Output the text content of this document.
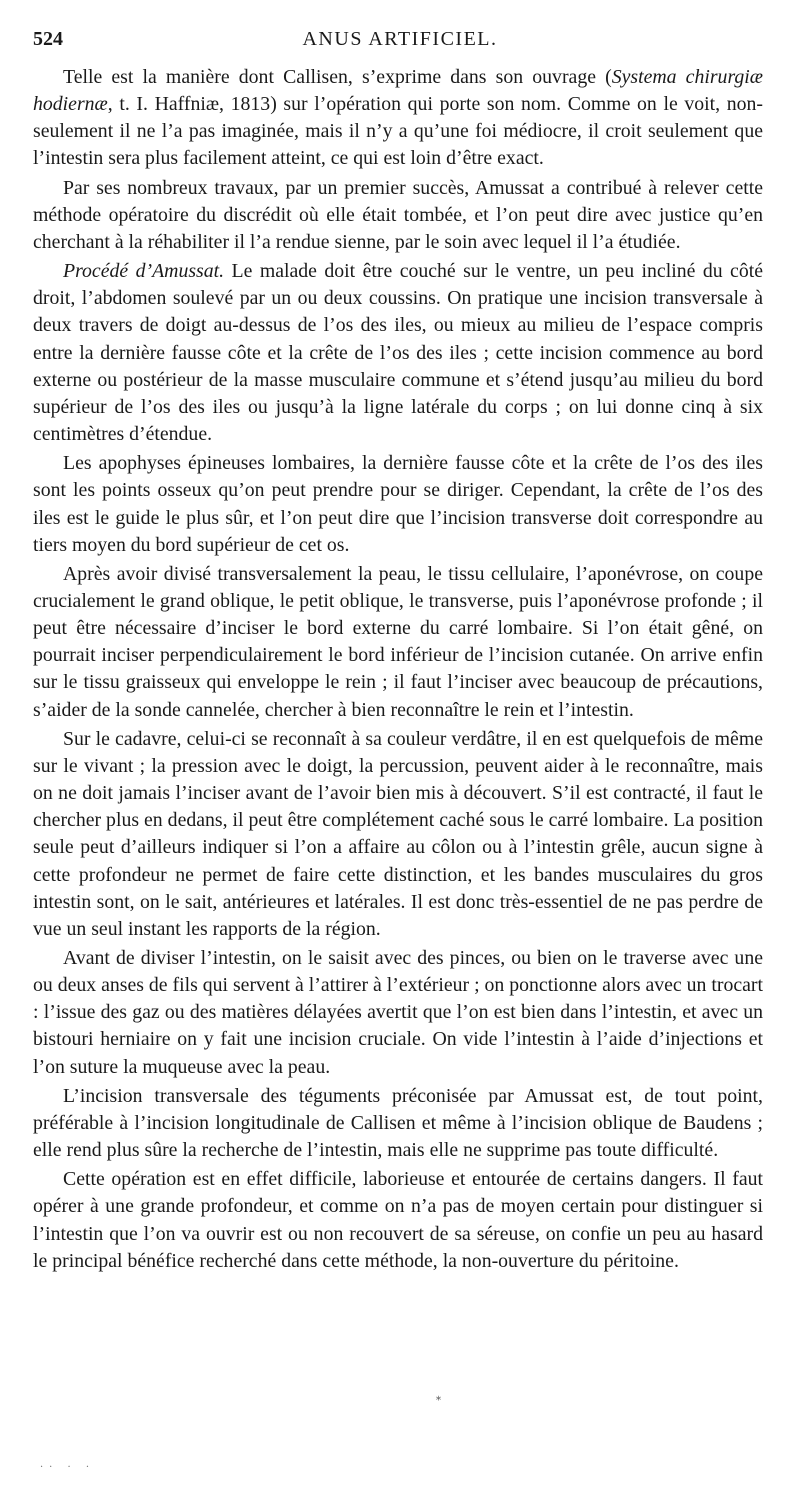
524	ANUS ARTIFICIEL.

Telle est la manière dont Callisen, s’exprime dans son ouvrage (Systema chirurgiæ hodiernæ, t. I. Haffniæ, 1813) sur l’opération qui porte son nom. Comme on le voit, non-seulement il ne l’a pas imaginée, mais il n’y a qu’une foi médiocre, il croit seulement que l’intestin sera plus facilement atteint, ce qui est loin d’être exact.

Par ses nombreux travaux, par un premier succès, Amussat a contribué à relever cette méthode opératoire du discrédit où elle était tombée, et l’on peut dire avec justice qu’en cherchant à la réhabiliter il l’a rendue sienne, par le soin avec lequel il l’a étudiée.

Procédé d’Amussat. Le malade doit être couché sur le ventre, un peu incliné du côté droit, l’abdomen soulevé par un ou deux coussins. On pratique une incision transversale à deux travers de doigt au-dessus de l’os des iles, ou mieux au milieu de l’espace compris entre la dernière fausse côte et la crête de l’os des iles ; cette incision commence au bord externe ou postérieur de la masse musculaire commune et s’étend jusqu’au milieu du bord supérieur de l’os des iles ou jusqu’à la ligne latérale du corps ; on lui donne cinq à six centimètres d’étendue.

Les apophyses épineuses lombaires, la dernière fausse côte et la crête de l’os des iles sont les points osseux qu’on peut prendre pour se diriger. Cependant, la crête de l’os des iles est le guide le plus sûr, et l’on peut dire que l’incision transverse doit correspondre au tiers moyen du bord supérieur de cet os.

Après avoir divisé transversalement la peau, le tissu cellulaire, l’aponévrose, on coupe crucialement le grand oblique, le petit oblique, le transverse, puis l’aponévrose profonde ; il peut être nécessaire d’inciser le bord externe du carré lombaire. Si l’on était gêné, on pourrait inciser perpendiculairement le bord inférieur de l’incision cutanée. On arrive enfin sur le tissu graisseux qui enveloppe le rein ; il faut l’inciser avec beaucoup de précautions, s’aider de la sonde cannelée, chercher à bien reconnaître le rein et l’intestin.

Sur le cadavre, celui-ci se reconnaît à sa couleur verdâtre, il en est quelquefois de même sur le vivant ; la pression avec le doigt, la percussion, peuvent aider à le reconnaître, mais on ne doit jamais l’inciser avant de l’avoir bien mis à découvert. S’il est contracté, il faut le chercher plus en dedans, il peut être complétement caché sous le carré lombaire. La position seule peut d’ailleurs indiquer si l’on a affaire au côlon ou à l’intestin grêle, aucun signe à cette profondeur ne permet de faire cette distinction, et les bandes musculaires du gros intestin sont, on le sait, antérieures et latérales. Il est donc très-essentiel de ne pas perdre de vue un seul instant les rapports de la région.

Avant de diviser l’intestin, on le saisit avec des pinces, ou bien on le traverse avec une ou deux anses de fils qui servent à l’attirer à l’extérieur ; on ponctionne alors avec un trocart : l’issue des gaz ou des matières délayées avertit que l’on est bien dans l’intestin, et avec un bistouri herniaire on y fait une incision cruciale. On vide l’intestin à l’aide d’injections et l’on suture la muqueuse avec la peau.

L’incision transversale des téguments préconisée par Amussat est, de tout point, préférable à l’incision longitudinale de Callisen et même à l’incision oblique de Baudens ; elle rend plus sûre la recherche de l’intestin, mais elle ne supprime pas toute difficulté.

Cette opération est en effet difficile, laborieuse et entourée de certains dangers. Il faut opérer à une grande profondeur, et comme on n’a pas de moyen certain pour distinguer si l’intestin que l’on va ouvrir est ou non recouvert de sa séreuse, on confie un peu au hasard le principal bénéfice recherché dans cette méthode, la non-ouverture du péritoine.

⁎
·· · ·
